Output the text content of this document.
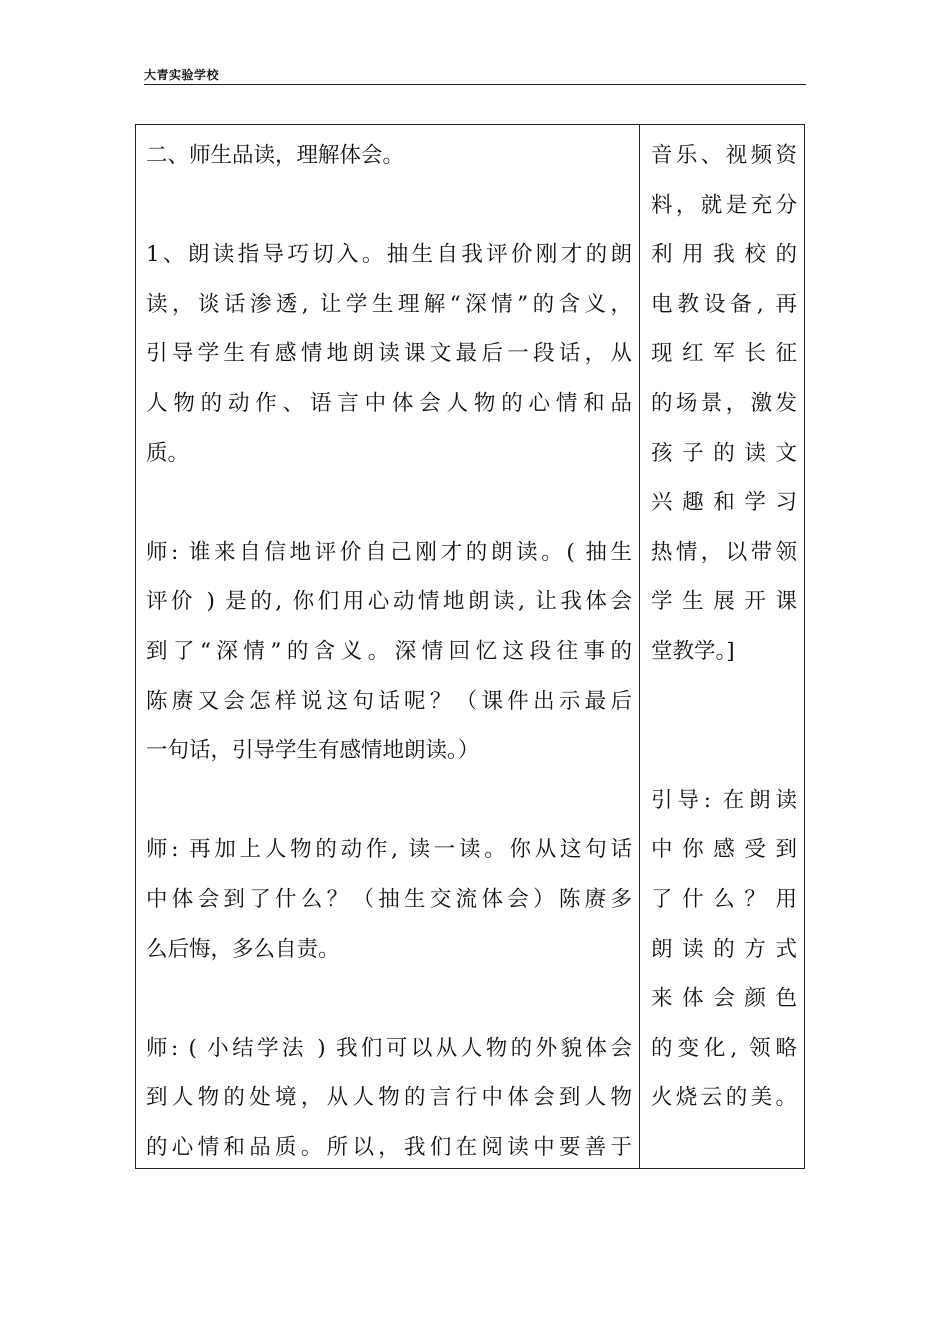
大青实验学校
二、师生品读，理解体会。
1、朗读指导巧切入。抽生自我评价刚才的朗
读，谈话渗透, 让学生理解“深情”的含义，
引导学生有感情地朗读课文最后一段话，从
人物的动作、语言中体会人物的心情和品
质。
师: 谁来自信地评价自己刚才的朗读。( 抽生
评价 ) 是的, 你们用心动情地朗读, 让我体会
到了“深情”的含义。深情回忆这段往事的
陈赓又会怎样说这句话呢？（课件出示最后
一句话，引导学生有感情地朗读。）
师: 再加上人物的动作, 读一读。你从这句话
中体会到了什么？（抽生交流体会）陈赓多
么后悔，多么自责。
师: ( 小结学法 ) 我们可以从人物的外貌体会
到人物的处境，从人物的言行中体会到人物
的心情和品质。所以，我们在阅读中要善于
音乐、视频资
料，就是充分
利用我校的
电教设备, 再
现红军长征
的场景，激发
孩子的读文
兴趣和学习
热情，以带领
学生展开课
堂教学。]
引导: 在朗读
中你感受到
了什么？用
朗读的方式
来体会颜色
的变化, 领略
火烧云的美。
